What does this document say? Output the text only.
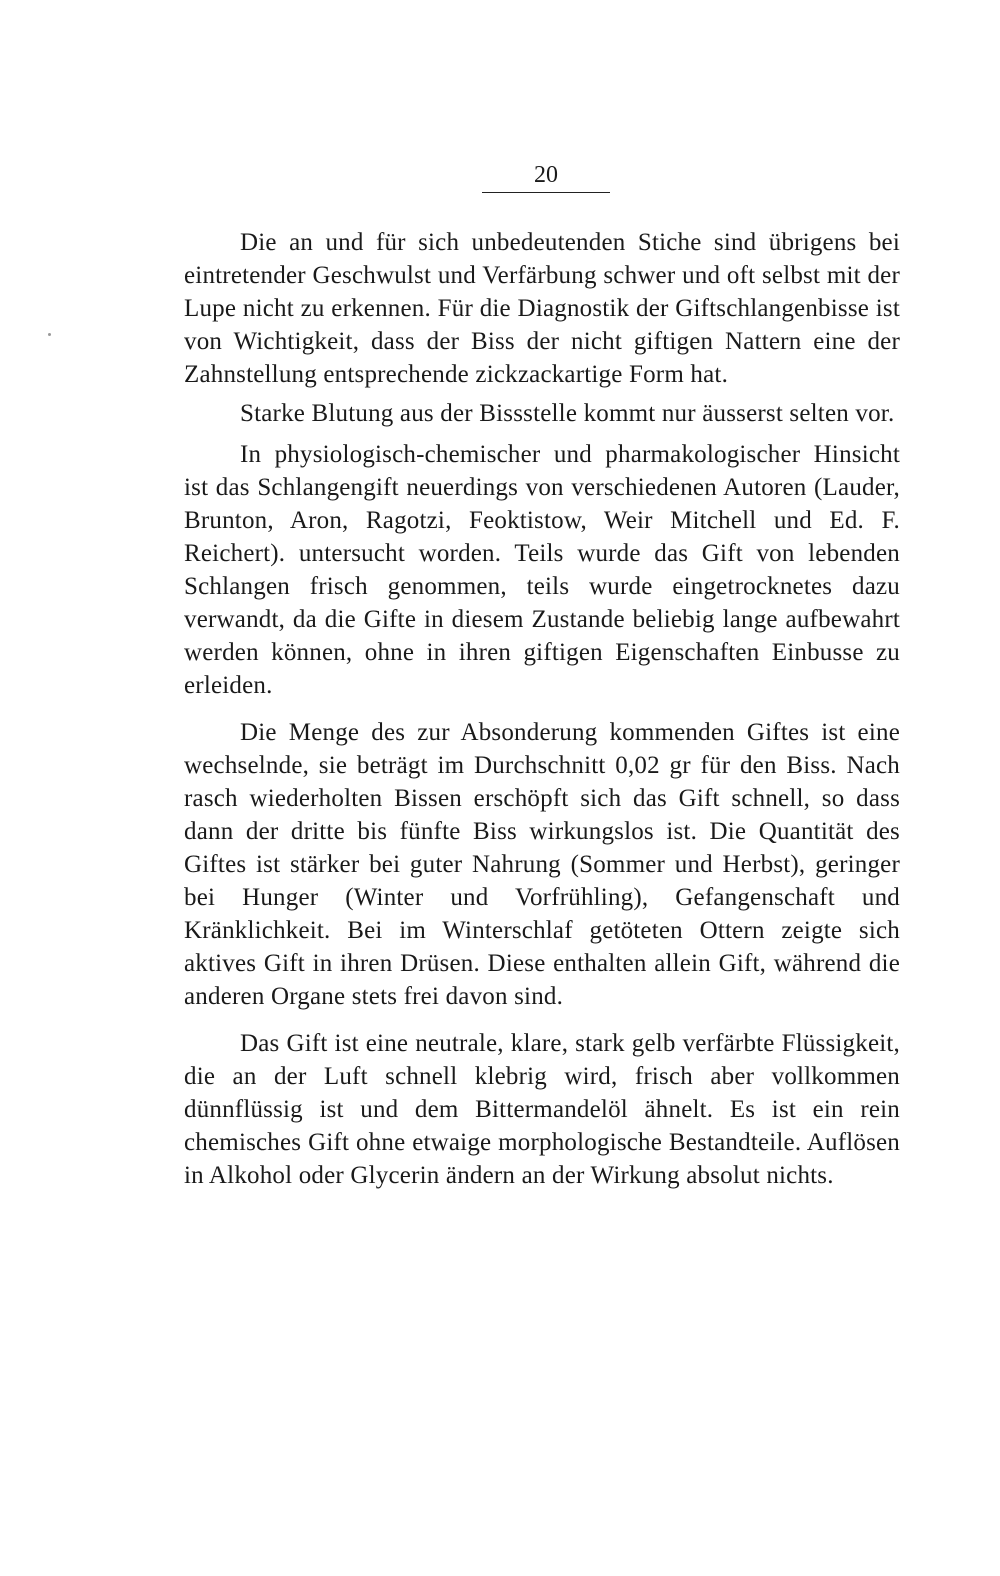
20

Die an und für sich unbedeutenden Stiche sind übrigens bei eintretender Geschwulst und Verfärbung schwer und oft selbst mit der Lupe nicht zu erkennen. Für die Diagnostik der Giftschlangenbisse ist von Wichtigkeit, dass der Biss der nicht giftigen Nattern eine der Zahnstellung entsprechende zickzackartige Form hat.

Starke Blutung aus der Bissstelle kommt nur äusserst selten vor.

In physiologisch-chemischer und pharmakologischer Hinsicht ist das Schlangengift neuerdings von verschiedenen Autoren (Lauder, Brunton, Aron, Ragotzi, Feoktistow, Weir Mitchell und Ed. F. Reichert). untersucht worden. Teils wurde das Gift von lebenden Schlangen frisch genommen, teils wurde eingetrocknetes dazu verwandt, da die Gifte in diesem Zustande beliebig lange aufbewahrt werden können, ohne in ihren giftigen Eigenschaften Einbusse zu erleiden.

Die Menge des zur Absonderung kommenden Giftes ist eine wechselnde, sie beträgt im Durchschnitt 0,02 gr für den Biss. Nach rasch wiederholten Bissen erschöpft sich das Gift schnell, so dass dann der dritte bis fünfte Biss wirkungslos ist. Die Quantität des Giftes ist stärker bei guter Nahrung (Sommer und Herbst), geringer bei Hunger (Winter und Vorfrühling), Gefangenschaft und Kränklichkeit. Bei im Winterschlaf getöteten Ottern zeigte sich aktives Gift in ihren Drüsen. Diese enthalten allein Gift, während die anderen Organe stets frei davon sind.

Das Gift ist eine neutrale, klare, stark gelb verfärbte Flüssigkeit, die an der Luft schnell klebrig wird, frisch aber vollkommen dünnflüssig ist und dem Bittermandelöl ähnelt. Es ist ein rein chemisches Gift ohne etwaige morphologische Bestandteile. Auflösen in Alkohol oder Glycerin ändern an der Wirkung absolut nichts.
